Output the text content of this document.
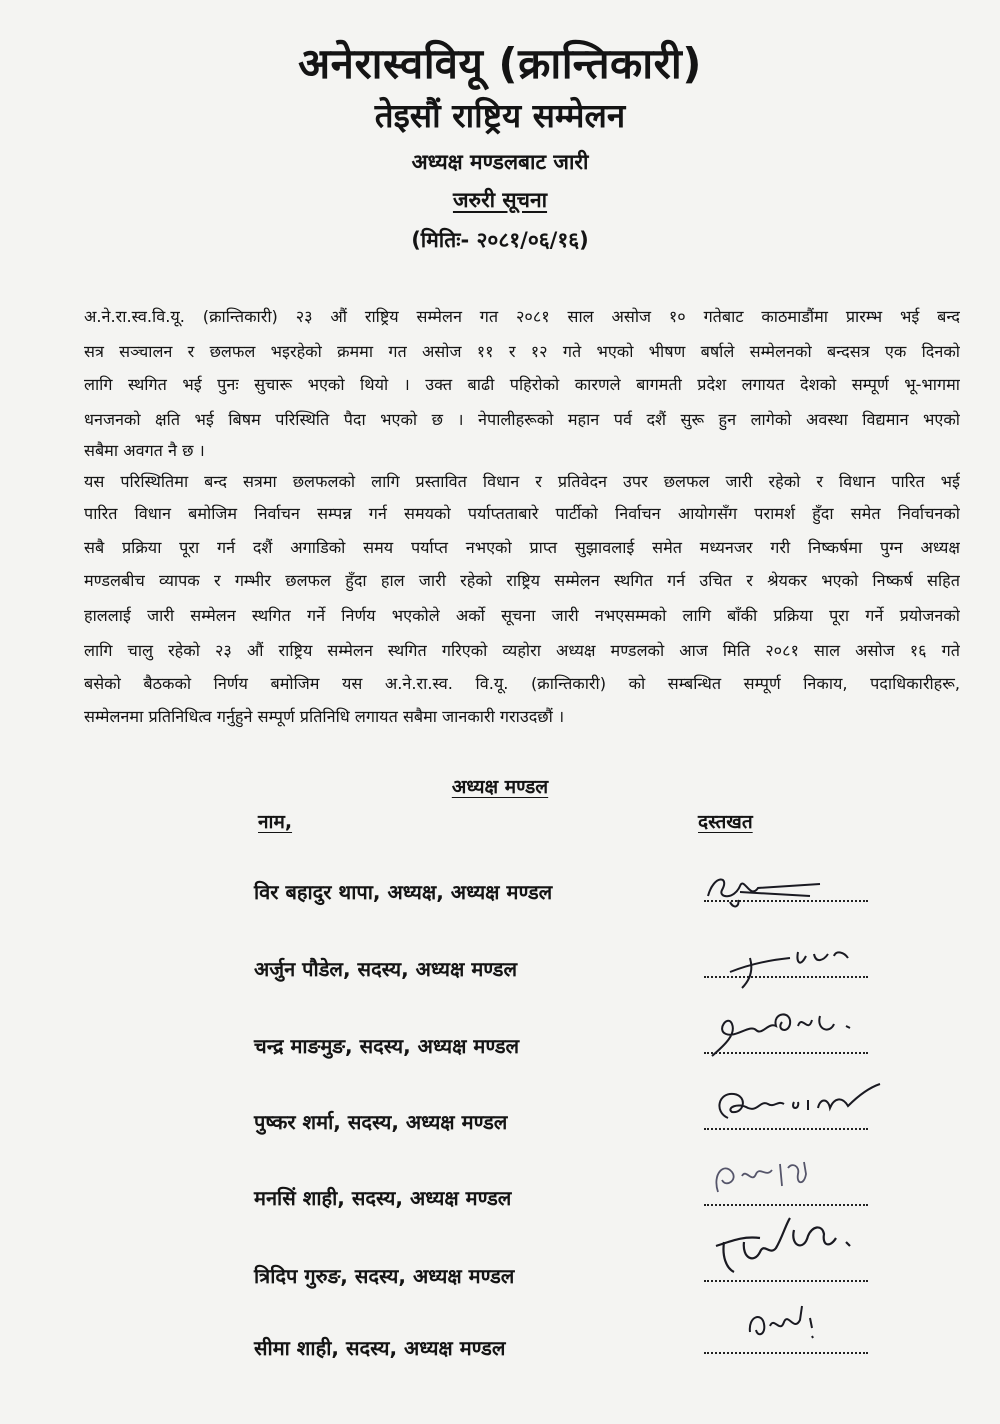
अनेरास्ववियू (क्रान्तिकारी)
तेइसौं राष्ट्रिय सम्मेलन
अध्यक्ष मण्डलबाट जारी
जरुरी सूचना
(मितिः- २०८१/०६/१६)
अ.ने.रा.स्व.वि.यू. (क्रान्तिकारी) २३ औं राष्ट्रिय सम्मेलन गत २०८१ साल असोज १० गतेबाट काठमाडौंमा प्रारम्भ भई बन्द
सत्र सञ्चालन र छलफल भइरहेको क्रममा गत असोज ११ र १२ गते भएको भीषण बर्षाले सम्मेलनको बन्दसत्र एक दिनको
लागि स्थगित भई पुनः सुचारू भएको थियो । उक्त बाढी पहिरोको कारणले बागमती प्रदेश लगायत देशको सम्पूर्ण भू-भागमा
धनजनको क्षति भई बिषम परिस्थिति पैदा भएको छ । नेपालीहरूको महान पर्व दशैं सुरू हुन लागेको अवस्था विद्यमान भएको
सबैमा अवगत नै छ ।
यस परिस्थितिमा बन्द सत्रमा छलफलको लागि प्रस्तावित विधान र प्रतिवेदन उपर छलफल जारी रहेको र विधान पारित भई
पारित विधान बमोजिम निर्वाचन सम्पन्न गर्न समयको पर्याप्तताबारे पार्टीको निर्वाचन आयोगसँग परामर्श हुँदा समेत निर्वाचनको
सबै प्रक्रिया पूरा गर्न दशैं अगाडिको समय पर्याप्त नभएको प्राप्त सुझावलाई समेत मध्यनजर गरी निष्कर्षमा पुग्न अध्यक्ष
मण्डलबीच व्यापक र गम्भीर छलफल हुँदा हाल जारी रहेको राष्ट्रिय सम्मेलन स्थगित गर्न उचित र श्रेयकर भएको निष्कर्ष सहित
हाललाई जारी सम्मेलन स्थगित गर्ने निर्णय भएकोले अर्को सूचना जारी नभएसम्मको लागि बाँकी प्रक्रिया पूरा गर्ने प्रयोजनको
लागि चालु रहेको २३ औं राष्ट्रिय सम्मेलन स्थगित गरिएको व्यहोरा अध्यक्ष मण्डलको आज मिति २०८१ साल असोज १६ गते
बसेको बैठकको निर्णय बमोजिम यस अ.ने.रा.स्व. वि.यू. (क्रान्तिकारी) को सम्बन्धित सम्पूर्ण निकाय, पदाधिकारीहरू,
सम्मेलनमा प्रतिनिधित्व गर्नुहुने सम्पूर्ण प्रतिनिधि लगायत सबैमा जानकारी गराउदछौं ।
अध्यक्ष मण्डल
नाम,	दस्तखत
विर बहादुर थापा, अध्यक्ष, अध्यक्ष मण्डल
अर्जुन पौडेल, सदस्य, अध्यक्ष मण्डल
चन्द्र माङमुङ, सदस्य, अध्यक्ष मण्डल
पुष्कर शर्मा, सदस्य, अध्यक्ष मण्डल
मनसिं शाही, सदस्य, अध्यक्ष मण्डल
त्रिदिप गुरुङ, सदस्य, अध्यक्ष मण्डल
सीमा शाही, सदस्य, अध्यक्ष मण्डल
